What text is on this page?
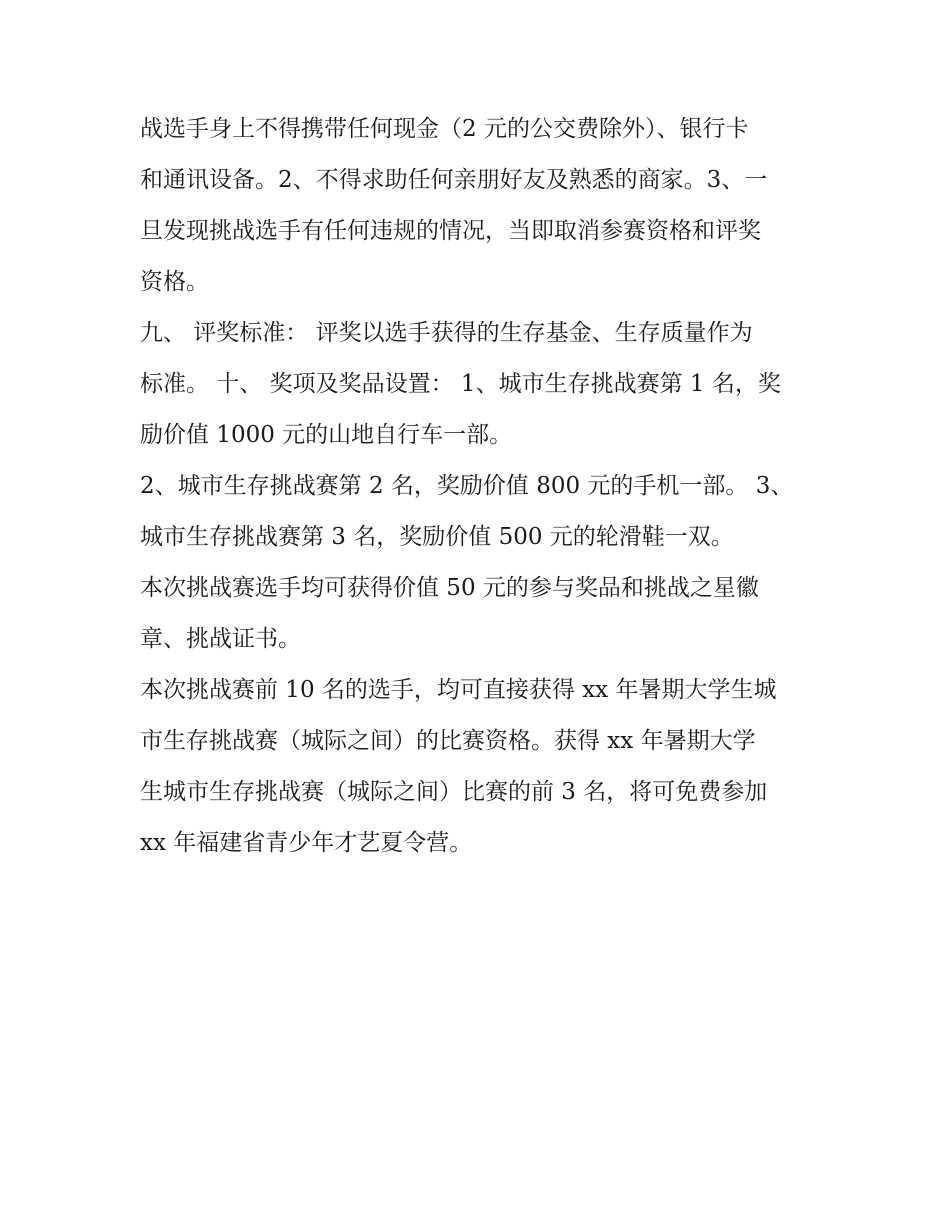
战选手身上不得携带任何现金（2 元的公交费除外）、银行卡
和通讯设备。2、不得求助任何亲朋好友及熟悉的商家。3、一
旦发现挑战选手有任何违规的情况，当即取消参赛资格和评奖
资格。
九、 评奖标准： 评奖以选手获得的生存基金、生存质量作为
标准。 十、 奖项及奖品设置： 1、城市生存挑战赛第 1 名，奖
励价值 1000 元的山地自行车一部。
2、城市生存挑战赛第 2 名，奖励价值 800 元的手机一部。 3、
城市生存挑战赛第 3 名，奖励价值 500 元的轮滑鞋一双。
本次挑战赛选手均可获得价值 50 元的参与奖品和挑战之星徽
章、挑战证书。
本次挑战赛前 10 名的选手，均可直接获得 xx 年暑期大学生城
市生存挑战赛（城际之间）的比赛资格。获得 xx 年暑期大学
生城市生存挑战赛（城际之间）比赛的前 3 名，将可免费参加
xx 年福建省青少年才艺夏令营。
